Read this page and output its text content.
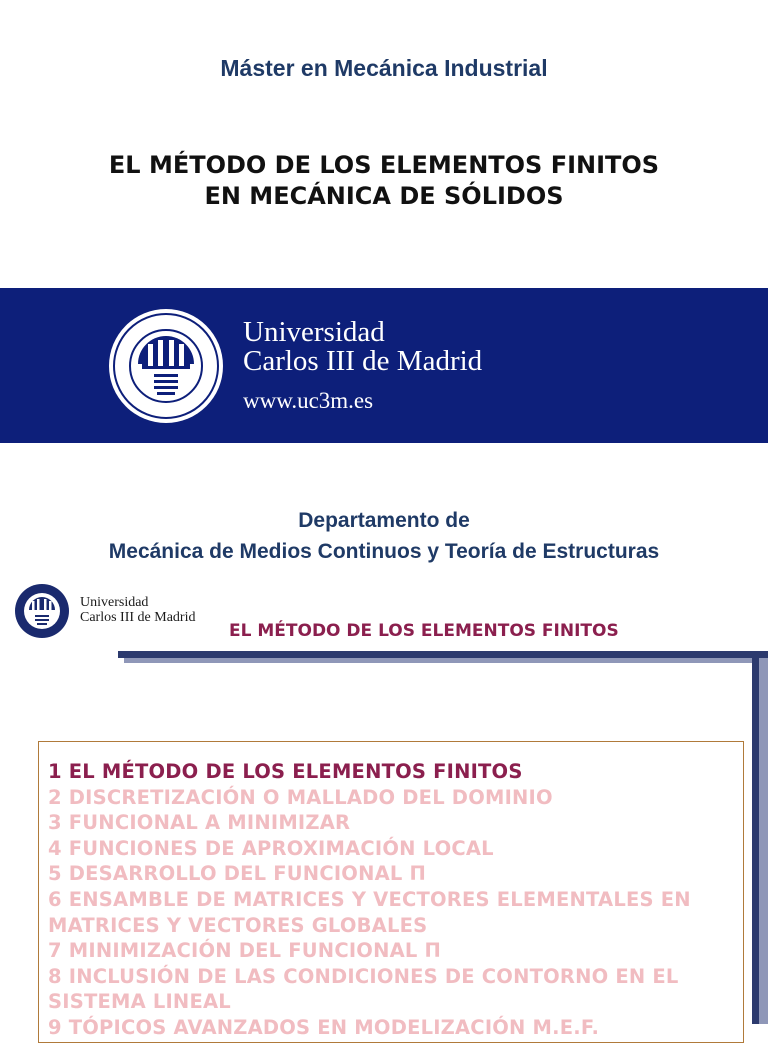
Máster en Mecánica Industrial
EL MÉTODO DE LOS ELEMENTOS FINITOS
EN MECÁNICA DE SÓLIDOS
Universidad
Carlos III de Madrid
www.uc3m.es
Departamento de
Mecánica de Medios Continuos y Teoría de Estructuras
Universidad
Carlos III de Madrid
EL MÉTODO DE LOS ELEMENTOS FINITOS
1 EL MÉTODO DE LOS ELEMENTOS FINITOS
2 DISCRETIZACIÓN O MALLADO DEL DOMINIO
3 FUNCIONAL A MINIMIZAR
4 FUNCIONES DE APROXIMACIÓN LOCAL
5 DESARROLLO DEL FUNCIONAL Π
6 ENSAMBLE DE MATRICES Y VECTORES ELEMENTALES EN MATRICES Y VECTORES GLOBALES
7 MINIMIZACIÓN DEL FUNCIONAL Π
8 INCLUSIÓN DE LAS CONDICIONES DE CONTORNO EN EL SISTEMA LINEAL
9 TÓPICOS AVANZADOS EN MODELIZACIÓN M.E.F.
